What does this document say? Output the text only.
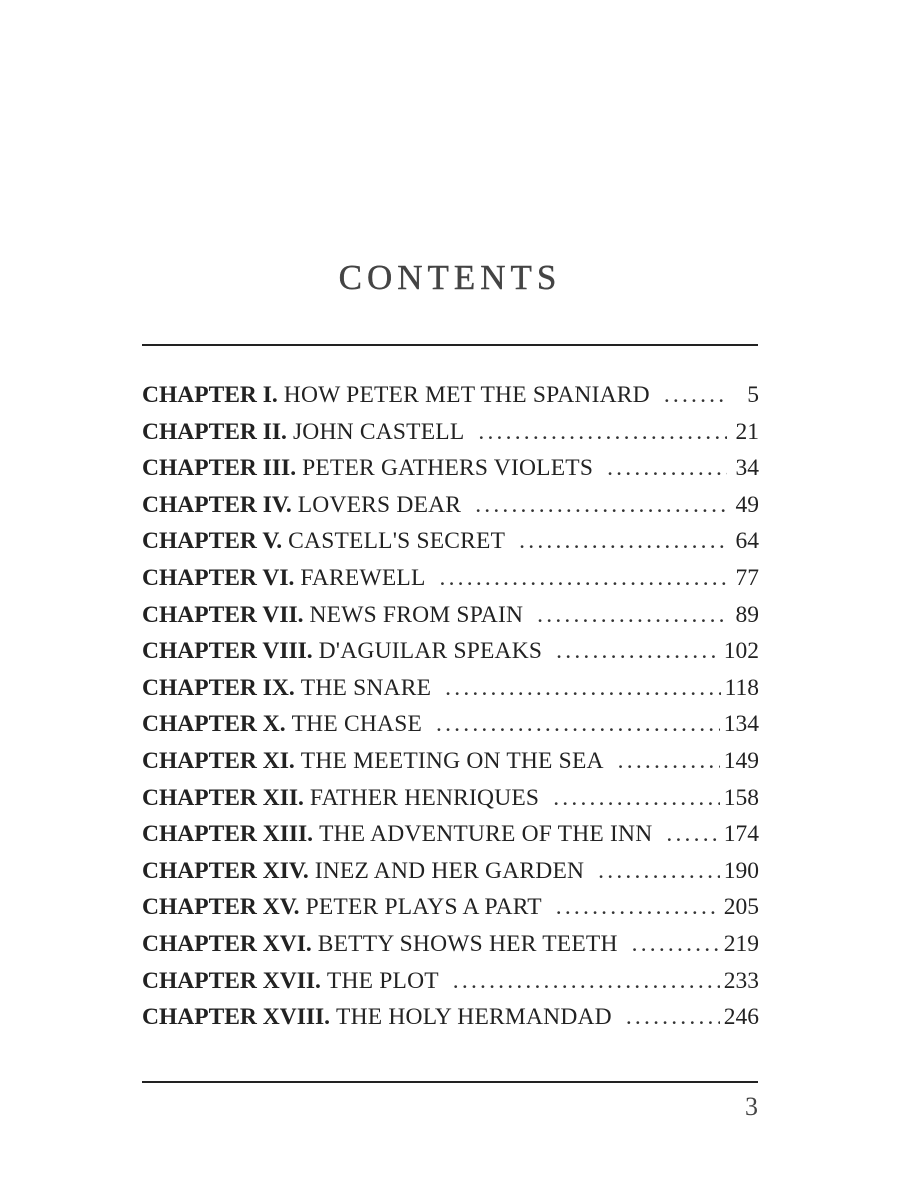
CONTENTS
CHAPTER I. HOW PETER MET THE SPANIARD .....	5
CHAPTER II. JOHN CASTELL .....	21
CHAPTER III. PETER GATHERS VIOLETS .....	34
CHAPTER IV. LOVERS DEAR .....	49
CHAPTER V. CASTELL'S SECRET .....	64
CHAPTER VI. FAREWELL .....	77
CHAPTER VII. NEWS FROM SPAIN .....	89
CHAPTER VIII. D'AGUILAR SPEAKS .....	102
CHAPTER IX. THE SNARE .....	118
CHAPTER X. THE CHASE .....	134
CHAPTER XI. THE MEETING ON THE SEA .....	149
CHAPTER XII. FATHER HENRIQUES .....	158
CHAPTER XIII. THE ADVENTURE OF THE INN .....	174
CHAPTER XIV. INEZ AND HER GARDEN .....	190
CHAPTER XV. PETER PLAYS A PART .....	205
CHAPTER XVI. BETTY SHOWS HER TEETH .....	219
CHAPTER XVII. THE PLOT .....	233
CHAPTER XVIII. THE HOLY HERMANDAD .....	246
3
